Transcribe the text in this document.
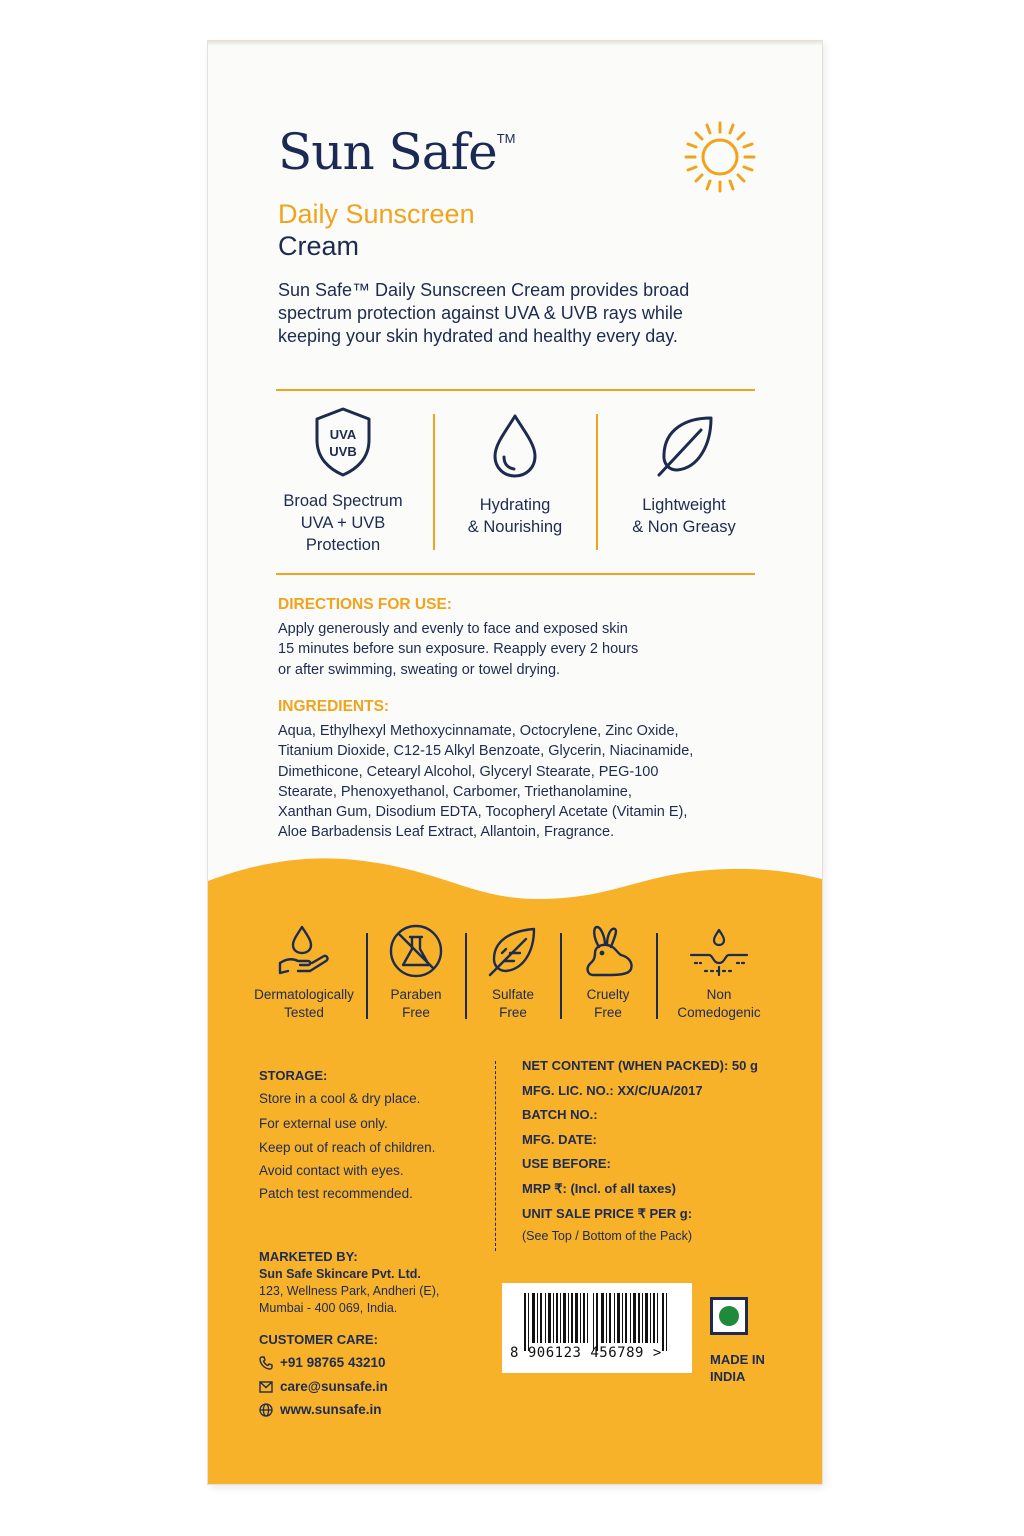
Sun Safe™
Daily Sunscreen
Cream
Sun Safe™ Daily Sunscreen Cream provides broad spectrum protection against UVA & UVB rays while keeping your skin hydrated and healthy every day.
UVA
UVB
Broad Spectrum
UVA + UVB
Protection
Hydrating
& Nourishing
Lightweight
& Non Greasy
DIRECTIONS FOR USE:
Apply generously and evenly to face and exposed skin
15 minutes before sun exposure. Reapply every 2 hours
or after swimming, sweating or towel drying.
INGREDIENTS:
Aqua, Ethylhexyl Methoxycinnamate, Octocrylene, Zinc Oxide,
Titanium Dioxide, C12-15 Alkyl Benzoate, Glycerin, Niacinamide,
Dimethicone, Cetearyl Alcohol, Glyceryl Stearate, PEG-100
Stearate, Phenoxyethanol, Carbomer, Triethanolamine,
Xanthan Gum, Disodium EDTA, Tocopheryl Acetate (Vitamin E),
Aloe Barbadensis Leaf Extract, Allantoin, Fragrance.
Dermatologically
Tested
Paraben
Free
Sulfate
Free
Cruelty
Free
Non
Comedogenic
STORAGE:
Store in a cool & dry place.
For external use only.
Keep out of reach of children.
Avoid contact with eyes.
Patch test recommended.
NET CONTENT (WHEN PACKED): 50 g
MFG. LIC. NO.: XX/C/UA/2017
BATCH NO.:
MFG. DATE:
USE BEFORE:
MRP ₹: (Incl. of all taxes)
UNIT SALE PRICE ₹ PER g:
(See Top / Bottom of the Pack)
MARKETED BY:
Sun Safe Skincare Pvt. Ltd.
123, Wellness Park, Andheri (E),
Mumbai - 400 069, India.
CUSTOMER CARE:
+91 98765 43210
care@sunsafe.in
www.sunsafe.in
8 906123 456789 >	MADE IN
INDIA
